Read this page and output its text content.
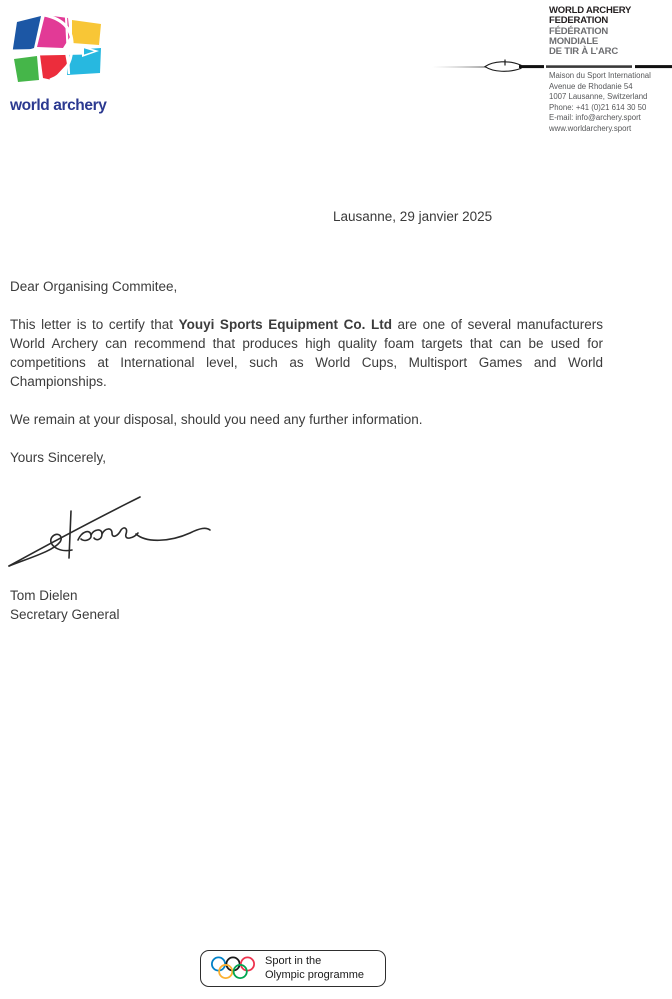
world archery
WORLD ARCHERY
FEDERATION
FÉDÉRATION
MONDIALE
DE TIR À L’ARC
Maison du Sport International
Avenue de Rhodanie 54
1007 Lausanne, Switzerland
Phone: +41 (0)21 614 30 50
E-mail: info@archery.sport
www.worldarchery.sport
Lausanne, 29 janvier 2025

Dear Organising Commitee,

This letter is to certify that Youyi Sports Equipment Co. Ltd are one of several manufacturers World Archery can recommend that produces high quality foam targets that can be used for competitions at International level, such as World Cups, Multisport Games and World Championships.

We remain at your disposal, should you need any further information.

Yours Sincerely,

Tom Dielen
Secretary General
Sport in the
Olympic programme
